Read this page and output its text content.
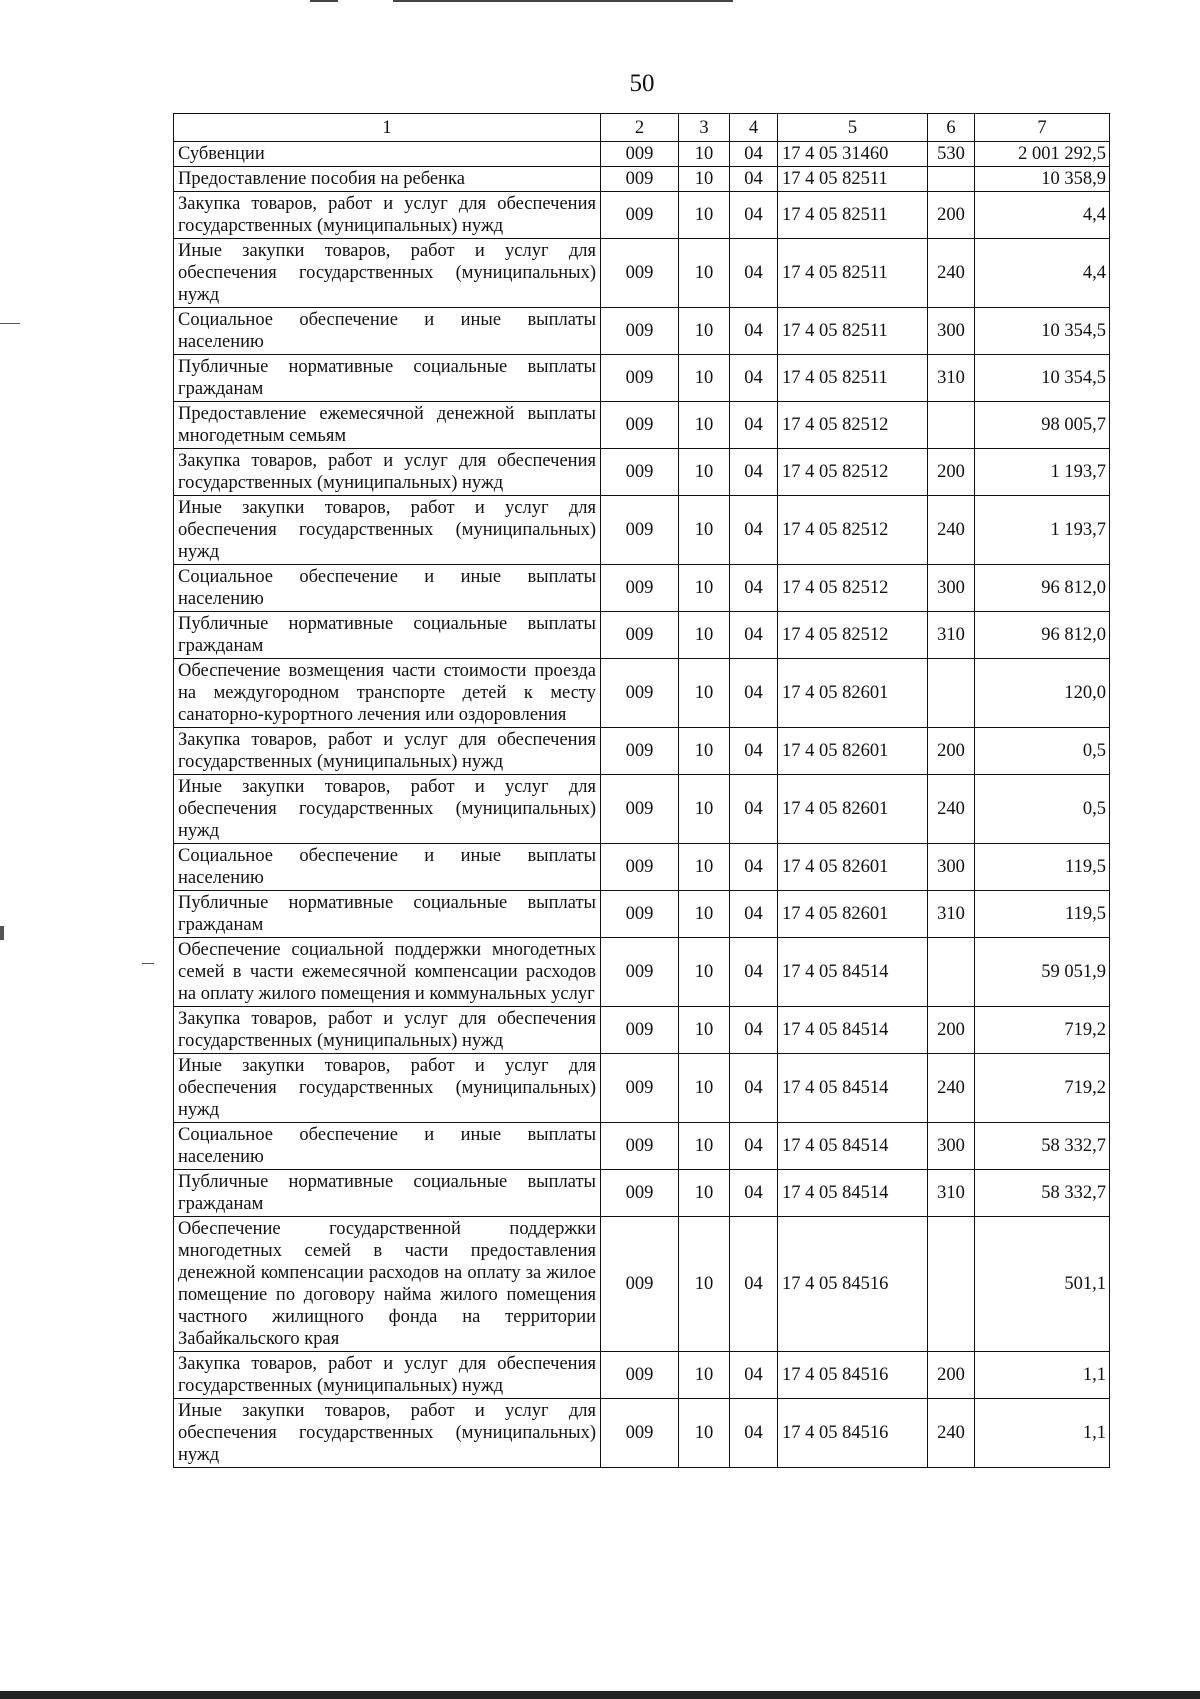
50
1	2	3	4	5	6	7
Субвенции	009	10	04	17 4 05 31460	530	2 001 292,5
Предоставление пособия на ребенка	009	10	04	17 4 05 82511		10 358,9
Закупка товаров, работ и услуг для обеспечения государственных (муниципальных) нужд	009	10	04	17 4 05 82511	200	4,4
Иные закупки товаров, работ и услуг для обеспечения государственных (муниципальных) нужд	009	10	04	17 4 05 82511	240	4,4
Социальное обеспечение и иные выплаты населению	009	10	04	17 4 05 82511	300	10 354,5
Публичные нормативные социальные выплаты гражданам	009	10	04	17 4 05 82511	310	10 354,5
Предоставление ежемесячной денежной выплаты многодетным семьям	009	10	04	17 4 05 82512		98 005,7
Закупка товаров, работ и услуг для обеспечения государственных (муниципальных) нужд	009	10	04	17 4 05 82512	200	1 193,7
Иные закупки товаров, работ и услуг для обеспечения государственных (муниципальных) нужд	009	10	04	17 4 05 82512	240	1 193,7
Социальное обеспечение и иные выплаты населению	009	10	04	17 4 05 82512	300	96 812,0
Публичные нормативные социальные выплаты гражданам	009	10	04	17 4 05 82512	310	96 812,0
Обеспечение возмещения части стоимости проезда на междугородном транспорте детей к месту санаторно-курортного лечения или оздоровления	009	10	04	17 4 05 82601		120,0
Закупка товаров, работ и услуг для обеспечения государственных (муниципальных) нужд	009	10	04	17 4 05 82601	200	0,5
Иные закупки товаров, работ и услуг для обеспечения государственных (муниципальных) нужд	009	10	04	17 4 05 82601	240	0,5
Социальное обеспечение и иные выплаты населению	009	10	04	17 4 05 82601	300	119,5
Публичные нормативные социальные выплаты гражданам	009	10	04	17 4 05 82601	310	119,5
Обеспечение социальной поддержки многодетных семей в части ежемесячной компенсации расходов на оплату жилого помещения и коммунальных услуг	009	10	04	17 4 05 84514		59 051,9
Закупка товаров, работ и услуг для обеспечения государственных (муниципальных) нужд	009	10	04	17 4 05 84514	200	719,2
Иные закупки товаров, работ и услуг для обеспечения государственных (муниципальных) нужд	009	10	04	17 4 05 84514	240	719,2
Социальное обеспечение и иные выплаты населению	009	10	04	17 4 05 84514	300	58 332,7
Публичные нормативные социальные выплаты гражданам	009	10	04	17 4 05 84514	310	58 332,7
Обеспечение государственной поддержки многодетных семей в части предоставления денежной компенсации расходов на оплату за жилое помещение по договору найма жилого помещения частного жилищного фонда на территории Забайкальского края	009	10	04	17 4 05 84516		501,1
Закупка товаров, работ и услуг для обеспечения государственных (муниципальных) нужд	009	10	04	17 4 05 84516	200	1,1
Иные закупки товаров, работ и услуг для обеспечения государственных (муниципальных) нужд	009	10	04	17 4 05 84516	240	1,1
